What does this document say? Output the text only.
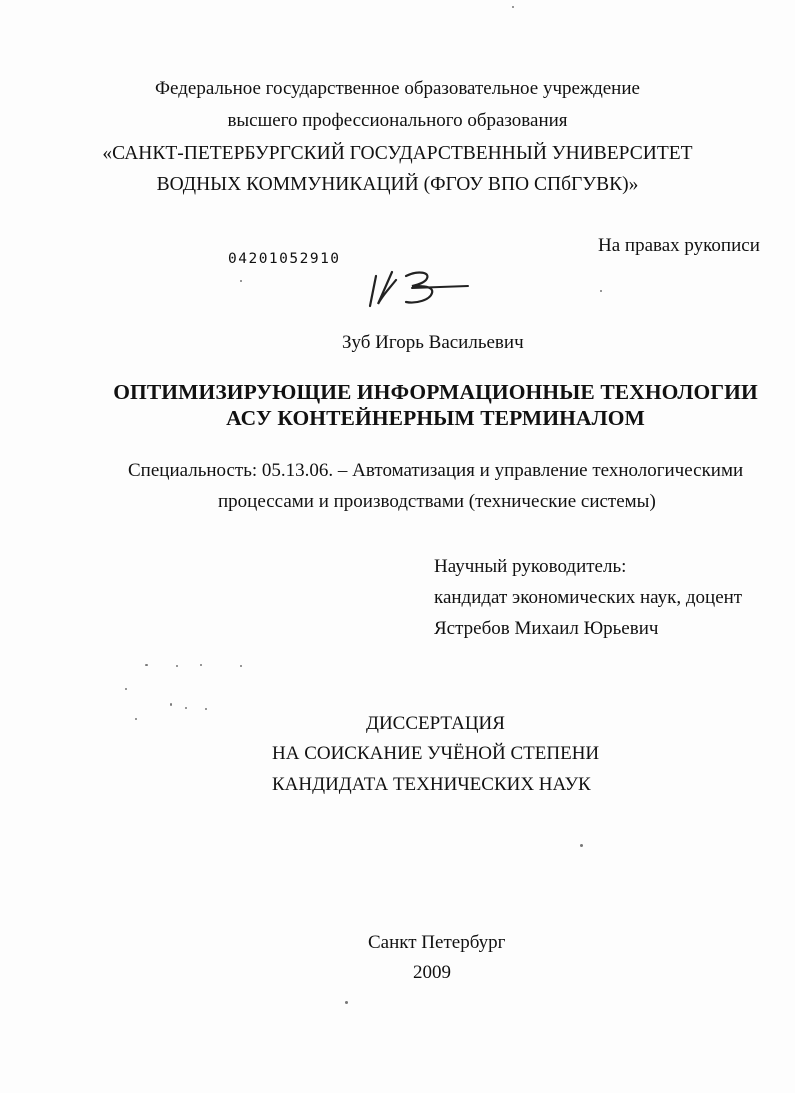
Федеральное государственное образовательное учреждение
высшего профессионального образования
«САНКТ-ПЕТЕРБУРГСКИЙ ГОСУДАРСТВЕННЫЙ УНИВЕРСИТЕТ
ВОДНЫХ КОММУНИКАЦИЙ (ФГОУ ВПО СПбГУВК)»
На правах рукописи
04201052910
Зуб Игорь Васильевич
ОПТИМИЗИРУЮЩИЕ ИНФОРМАЦИОННЫЕ ТЕХНОЛОГИИ
АСУ КОНТЕЙНЕРНЫМ ТЕРМИНАЛОМ
Специальность: 05.13.06. – Автоматизация и управление технологическими
процессами и производствами (технические системы)
Научный руководитель:
кандидат экономических наук, доцент
Ястребов Михаил Юрьевич
ДИССЕРТАЦИЯ
НА СОИСКАНИЕ УЧЁНОЙ СТЕПЕНИ
КАНДИДАТА ТЕХНИЧЕСКИХ НАУК
Санкт Петербург
2009
